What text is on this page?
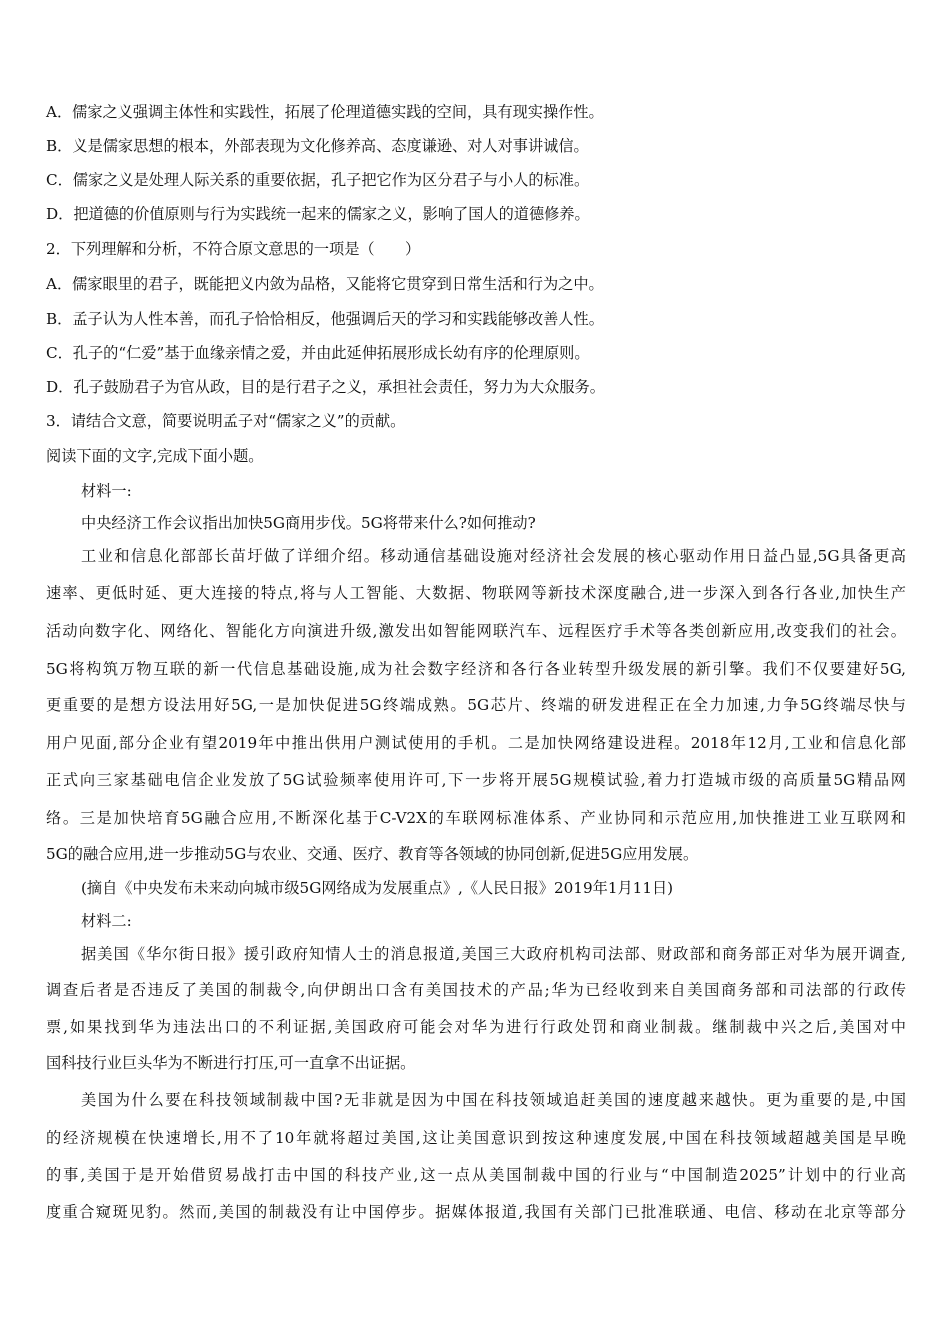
A．儒家之义强调主体性和实践性，拓展了伦理道德实践的空间，具有现实操作性。
B．义是儒家思想的根本，外部表现为文化修养高、态度谦逊、对人对事讲诚信。
C．儒家之义是处理人际关系的重要依据，孔子把它作为区分君子与小人的标准。
D．把道德的价值原则与行为实践统一起来的儒家之义，影响了国人的道德修养。
2．下列理解和分析，不符合原文意思的一项是（　　）
A．儒家眼里的君子，既能把义内敛为品格，又能将它贯穿到日常生活和行为之中。
B．孟子认为人性本善，而孔子恰恰相反，他强调后天的学习和实践能够改善人性。
C．孔子的“仁爱”基于血缘亲情之爱，并由此延伸拓展形成长幼有序的伦理原则。
D．孔子鼓励君子为官从政，目的是行君子之义，承担社会责任，努力为大众服务。
3．请结合文意，简要说明孟子对“儒家之义”的贡献。
阅读下面的文字,完成下面小题。
材料一:
中央经济工作会议指出加快5G商用步伐。5G将带来什么?如何推动?
工业和信息化部部长苗圩做了详细介绍。移动通信基础设施对经济社会发展的核心驱动作用日益凸显,5G具备更高
速率、更低时延、更大连接的特点,将与人工智能、大数据、物联网等新技术深度融合,进一步深入到各行各业,加快生产
活动向数字化、网络化、智能化方向演进升级,激发出如智能网联汽车、远程医疗手术等各类创新应用,改变我们的社会。
5G将构筑万物互联的新一代信息基础设施,成为社会数字经济和各行各业转型升级发展的新引擎。我们不仅要建好5G,
更重要的是想方设法用好5G,一是加快促进5G终端成熟。5G芯片、终端的研发进程正在全力加速,力争5G终端尽快与
用户见面,部分企业有望2019年中推出供用户测试使用的手机。二是加快网络建设进程。2018年12月,工业和信息化部
正式向三家基础电信企业发放了5G试验频率使用许可,下一步将开展5G规模试验,着力打造城市级的高质量5G精品网
络。三是加快培育5G融合应用,不断深化基于C-V2X的车联网标准体系、产业协同和示范应用,加快推进工业互联网和
5G的融合应用,进一步推动5G与农业、交通、医疗、教育等各领域的协同创新,促进5G应用发展。
(摘自《中央发布未来动向城市级5G网络成为发展重点》,《人民日报》2019年1月11日)
材料二:
据美国《华尔街日报》援引政府知情人士的消息报道,美国三大政府机构司法部、财政部和商务部正对华为展开调查,
调查后者是否违反了美国的制裁令,向伊朗出口含有美国技术的产品;华为已经收到来自美国商务部和司法部的行政传
票,如果找到华为违法出口的不利证据,美国政府可能会对华为进行行政处罚和商业制裁。继制裁中兴之后,美国对中
国科技行业巨头华为不断进行打压,可一直拿不出证据。
美国为什么要在科技领域制裁中国?无非就是因为中国在科技领域追赶美国的速度越来越快。更为重要的是,中国
的经济规模在快速增长,用不了10年就将超过美国,这让美国意识到按这种速度发展,中国在科技领域超越美国是早晚
的事,美国于是开始借贸易战打击中国的科技产业,这一点从美国制裁中国的行业与“中国制造2025”计划中的行业高
度重合窥斑见豹。然而,美国的制裁没有让中国停步。据媒体报道,我国有关部门已批准联通、电信、移动在北京等部分
